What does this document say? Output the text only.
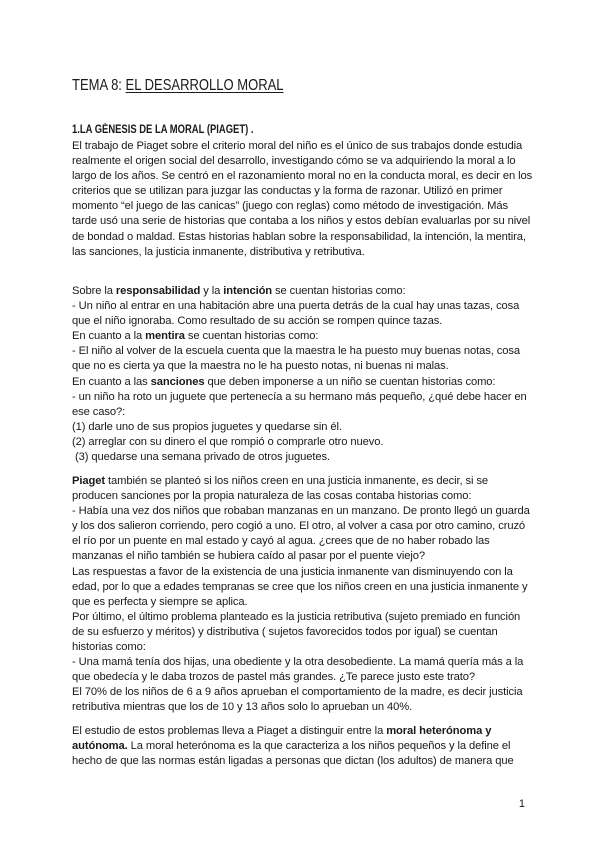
TEMA 8: EL DESARROLLO MORAL
1.LA GÉNESIS DE LA MORAL (PIAGET) .

El trabajo de Piaget sobre el criterio moral del niño es el único de sus trabajos donde estudia realmente el origen social del desarrollo, investigando cómo se va adquiriendo la moral a lo largo de los años. Se centró en el razonamiento moral no en la conducta moral, es decir en los criterios que se utilizan para juzgar las conductas y la forma de razonar. Utilizó en primer momento “el juego de las canicas” (juego con reglas) como método de investigación. Más tarde usó una serie de historias que contaba a los niños y estos debían evaluarlas por su nivel de bondad o maldad. Estas historias hablan sobre la responsabilidad, la intención, la mentira, las sanciones, la justicia inmanente, distributiva y retributiva.

Sobre la responsabilidad y la intención se cuentan historias como:

- Un niño al entrar en una habitación abre una puerta detrás de la cual hay unas tazas, cosa que el niño ignoraba. Como resultado de su acción se rompen quince tazas.

En cuanto a la mentira se cuentan historias como:

- El niño al volver de la escuela cuenta que la maestra le ha puesto muy buenas notas, cosa que no es cierta ya que la maestra no le ha puesto notas, ni buenas ni malas.

En cuanto a las sanciones que deben imponerse a un niño se cuentan historias como:

- un niño ha roto un juguete que pertenecía a su hermano más pequeño, ¿qué debe hacer en ese caso?:

(1) darle uno de sus propios juguetes y quedarse sin él.

(2) arreglar con su dinero el que rompió o comprarle otro nuevo.

(3) quedarse una semana privado de otros juguetes.

Piaget también se planteó si los niños creen en una justicia inmanente, es decir, si se producen sanciones por la propia naturaleza de las cosas contaba historias como:

- Había una vez dos niños que robaban manzanas en un manzano. De pronto llegó un guarda y los dos salieron corriendo, pero cogió a uno. El otro, al volver a casa por otro camino, cruzó el río por un puente en mal estado y cayó al agua. ¿crees que de no haber robado las manzanas el niño también se hubiera caído al pasar por el puente viejo?

Las respuestas a favor de la existencia de una justicia inmanente van disminuyendo con la edad, por lo que a edades tempranas se cree que los niños creen en una justicia inmanente y que es perfecta y siempre se aplica.

Por último, el último problema planteado es la justicia retributiva (sujeto premiado en función de su esfuerzo y méritos) y distributiva ( sujetos favorecidos todos por igual) se cuentan historias como:

- Una mamá tenía dos hijas, una obediente y la otra desobediente. La mamá quería más a la que obedecía y le daba trozos de pastel más grandes. ¿Te parece justo este trato?

El 70% de los niños de 6 a 9 años aprueban el comportamiento de la madre, es decir justicia retributiva mientras que los de 10 y 13 años solo lo aprueban un 40%.

El estudio de estos problemas lleva a Piaget a distinguir entre la moral heterónoma y autónoma. La moral heterónoma es la que caracteriza a los niños pequeños y la define el hecho de que las normas están ligadas a personas que dictan (los adultos) de manera que

1
